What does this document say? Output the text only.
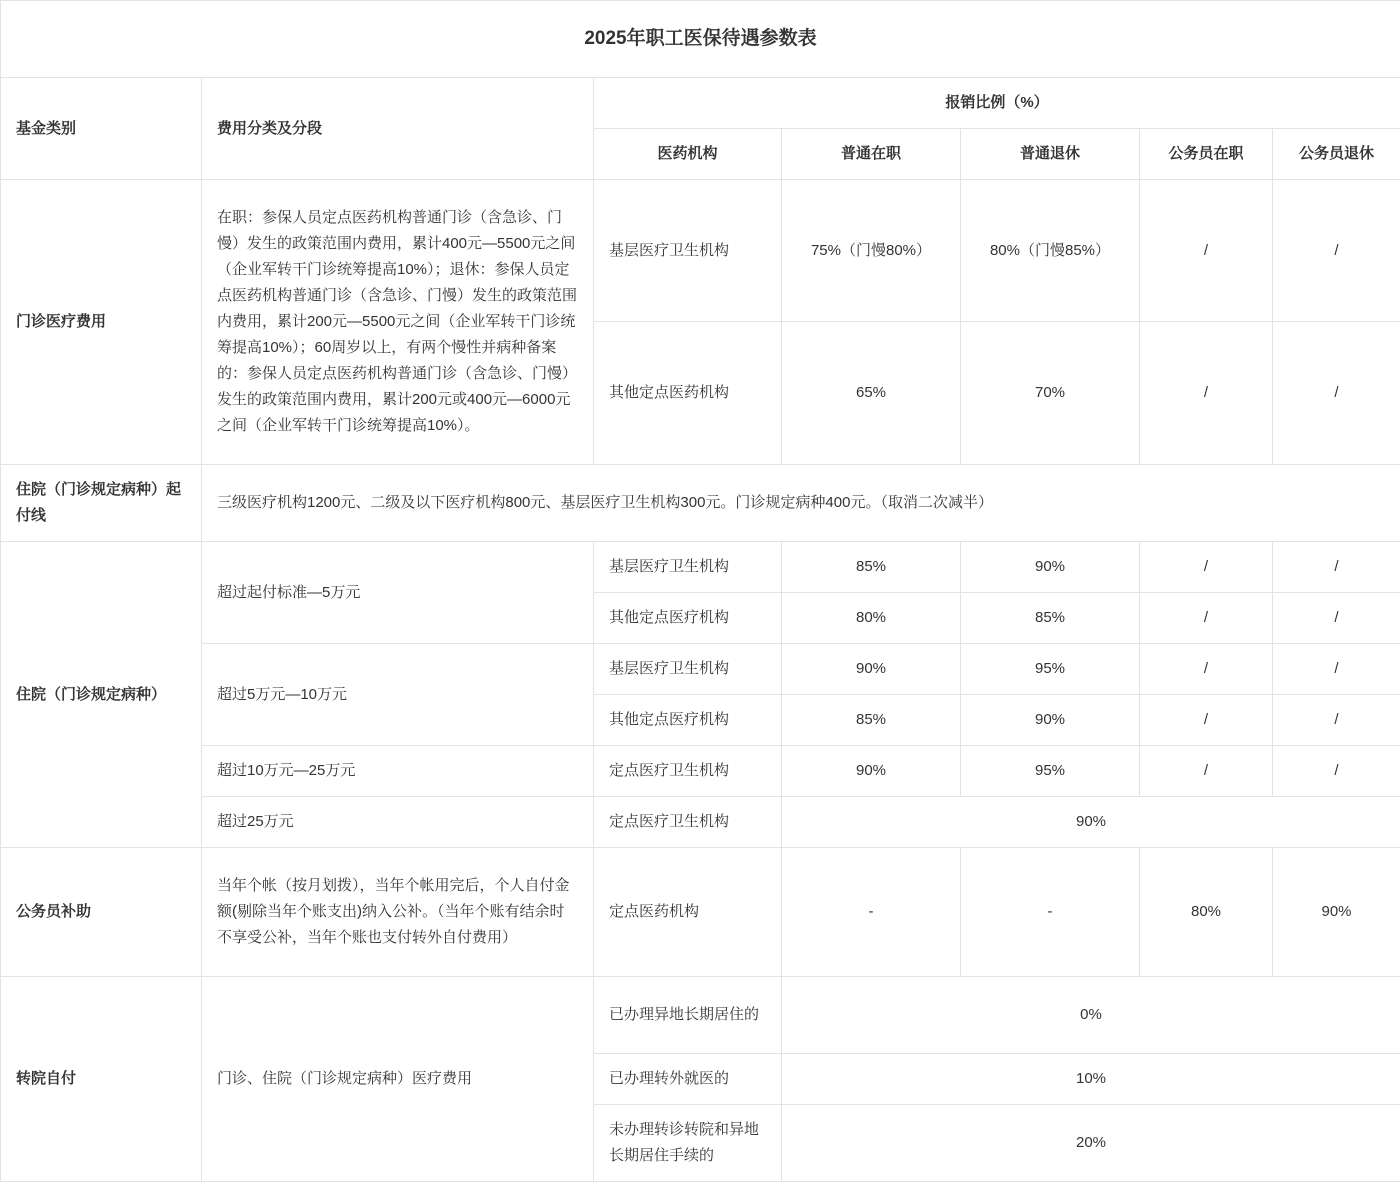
2025年职工医保待遇参数表						
基金类别	费用分类及分段	报销比例（%）				
		医药机构	普通在职	普通退休	公务员在职	公务员退休
门诊医疗费用	在职：参保人员定点医药机构普通门诊（含急诊、门慢）发生的政策范围内费用，累计400元—5500元之间（企业军转干门诊统筹提高10%）；退休：参保人员定点医药机构普通门诊（含急诊、门慢）发生的政策范围内费用，累计200元—5500元之间（企业军转干门诊统筹提高10%）；60周岁以上，有两个慢性并病种备案的：参保人员定点医药机构普通门诊（含急诊、门慢）发生的政策范围内费用，累计200元或400元—6000元之间（企业军转干门诊统筹提高10%）。	基层医疗卫生机构	75%（门慢80%）	80%（门慢85%）	/	/
		其他定点医药机构	65%	70%	/	/
住院（门诊规定病种）起付线	三级医疗机构1200元、二级及以下医疗机构800元、基层医疗卫生机构300元。门诊规定病种400元。（取消二次减半）					
住院（门诊规定病种）	超过起付标准—5万元	基层医疗卫生机构	85%	90%	/	/
		其他定点医疗机构	80%	85%	/	/
	超过5万元—10万元	基层医疗卫生机构	90%	95%	/	/
		其他定点医疗机构	85%	90%	/	/
	超过10万元—25万元	定点医疗卫生机构	90%	95%	/	/
	超过25万元	定点医疗卫生机构	90%			
公务员补助	当年个帐（按月划拨），当年个帐用完后，个人自付金额(剔除当年个账支出)纳入公补。（当年个账有结余时不享受公补，当年个账也支付转外自付费用）	定点医药机构	-	-	80%	90%
转院自付	门诊、住院（门诊规定病种）医疗费用	已办理异地长期居住的	0%			
		已办理转外就医的	10%			
		未办理转诊转院和异地长期居住手续的	20%			
